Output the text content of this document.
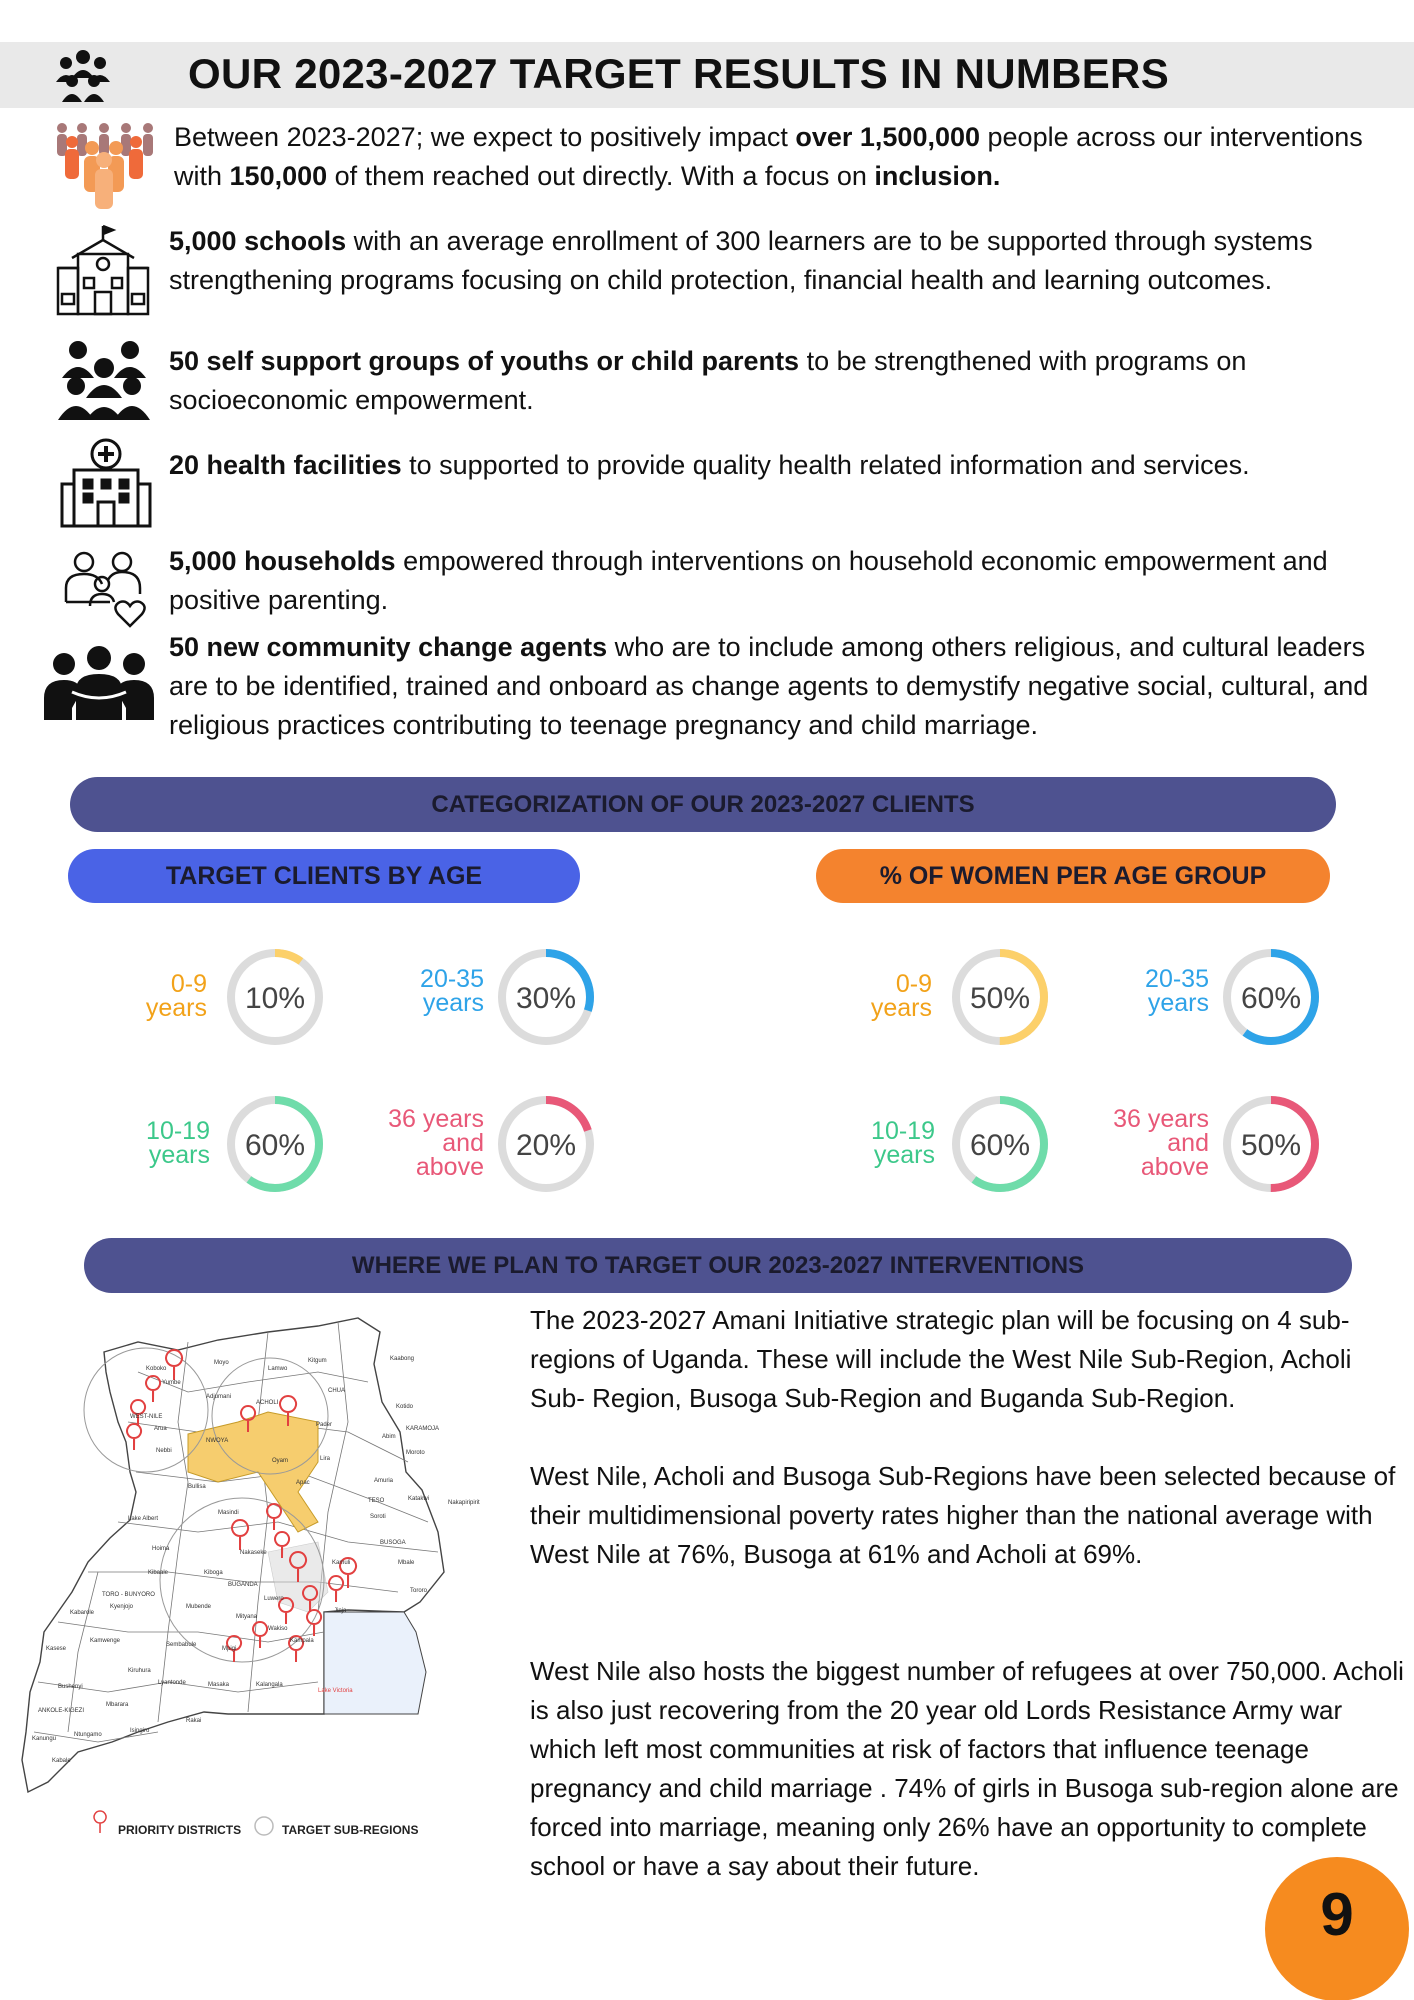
OUR 2023-2027 TARGET RESULTS IN NUMBERS
Between 2023-2027; we expect to positively impact over 1,500,000 people across our interventions with 150,000 of them reached out directly. With a focus on inclusion.
5,000 schools with an average enrollment of 300 learners are to be supported through systems strengthening programs focusing on child protection, financial health and learning outcomes.
50 self support groups of youths or child parents to be strengthened with programs on socioeconomic empowerment.
20 health facilities to supported to provide quality health related information and services.
5,000 households empowered through interventions on household economic empowerment and positive parenting.
50 new community change agents who are to include among others religious, and cultural leaders are to be identified, trained and onboard as change agents to demystify negative social, cultural, and religious practices contributing to teenage pregnancy and child marriage.
CATEGORIZATION OF OUR 2023-2027 CLIENTS
TARGET CLIENTS BY AGE	% OF WOMEN PER AGE GROUP
0-9
years
20-35
years
10-19
years
36 years
and
above
0-9
years
20-35
years
10-19
years
36 years
and
above
10%	30%
60%	20%
50%	60%
60%	50%
WHERE WE PLAN TO TARGET OUR 2023-2027 INTERVENTIONS
Koboko
Yumbe
Moyo
Lamwo
Kitgum	Kaabong
Adjumani
Arua
WEST-NILE
ACHOLI
Pader
CHUA
Kotido
KARAMOJA
Nebbi
NWOYA
Abim
Moroto
Oyam	Lira
Amuria
Apac
TESO	Katakwi
Bullisa
Masindi
Soroti
Nakapiripirit
Hoima
Lake Albert
Nakaseke
BUSOGA
Mbale
Kibaale	Kiboga
BUGANDA
Tororo
TORO - BUNYORO
Kyenjojo
Kabarole
Mubende
Mityana
Wakiso
Kasese
Kamwenge
Sembabule
Mpigi
Bushenyi
Kiruhura
Lyantonde	Masaka	Kalangala
ANKOLE-KIGEZI
Mbarara
Rakai
Isingiro
Kanungu
Ntungamo
Kabale
Lake Victoria
Kampala
Jinja
Luwero
Kamuli
PRIORITY DISTRICTS	TARGET SUB-REGIONS
The 2023-2027 Amani Initiative strategic plan will be focusing on 4 sub-regions of Uganda. These will include the West Nile Sub-Region, Acholi Sub- Region, Busoga Sub-Region and Buganda Sub-Region.
West Nile, Acholi and Busoga Sub-Regions have been selected because of their multidimensional poverty rates higher than the national average with West Nile at 76%, Busoga at 61% and Acholi at 69%.
West Nile also hosts the biggest number of refugees at over 750,000. Acholi is also just recovering from the 20 year old Lords Resistance Army war which left most communities at risk of factors that influence teenage pregnancy and child marriage . 74% of girls in Busoga sub-region alone are forced into marriage, meaning only 26% have an opportunity to complete school or have a say about their future.
9
